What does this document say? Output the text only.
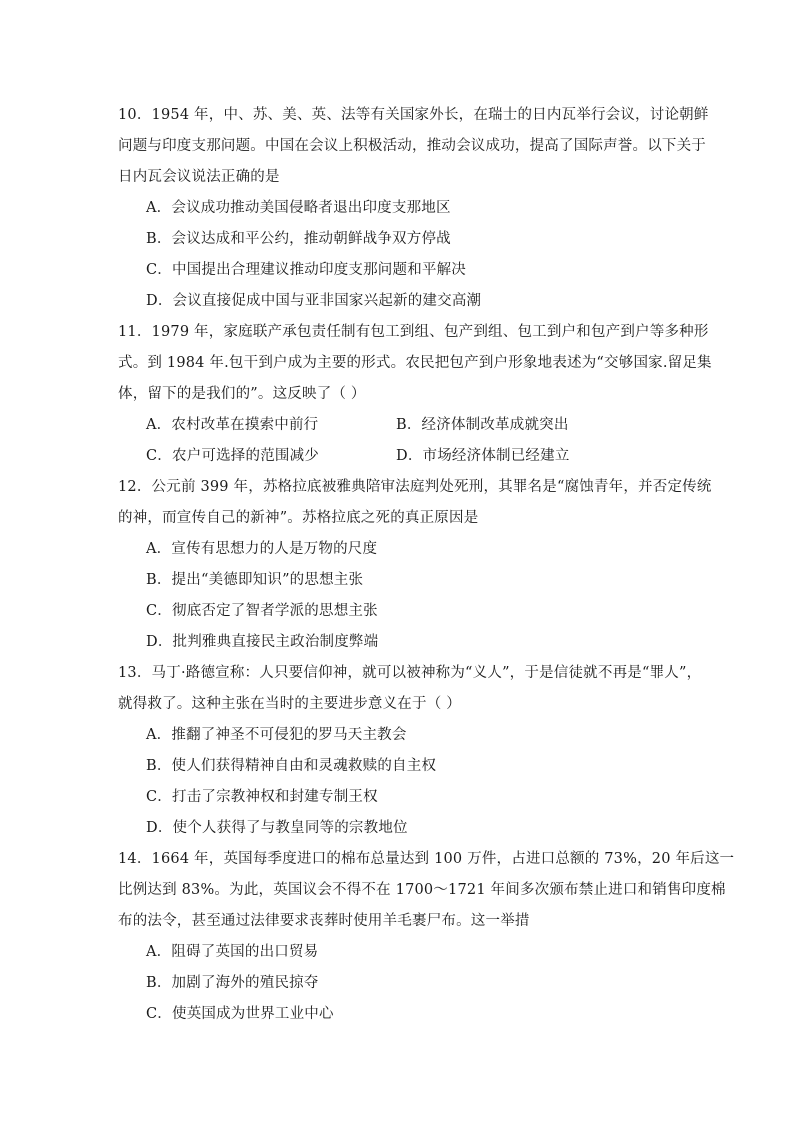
10．1954 年，中、苏、美、英、法等有关国家外长，在瑞士的日内瓦举行会议，讨论朝鲜
问题与印度支那问题。中国在会议上积极活动，推动会议成功，提高了国际声誉。以下关于
日内瓦会议说法正确的是
A．会议成功推动美国侵略者退出印度支那地区
B．会议达成和平公约，推动朝鲜战争双方停战
C．中国提出合理建议推动印度支那问题和平解决
D．会议直接促成中国与亚非国家兴起新的建交高潮
11．1979 年，家庭联产承包责任制有包工到组、包产到组、包工到户和包产到户等多种形
式。到 1984 年.包干到户成为主要的形式。农民把包产到户形象地表述为“交够国家.留足集
体，留下的是我们的”。这反映了（ ）
A．农村改革在摸索中前行	B．经济体制改革成就突出
C．农户可选择的范围减少	D．市场经济体制已经建立
12．公元前 399 年，苏格拉底被雅典陪审法庭判处死刑，其罪名是“腐蚀青年，并否定传统
的神，而宣传自己的新神”。苏格拉底之死的真正原因是
A．宣传有思想力的人是万物的尺度
B．提出“美德即知识”的思想主张
C．彻底否定了智者学派的思想主张
D．批判雅典直接民主政治制度弊端
13．马丁·路德宣称：人只要信仰神，就可以被神称为“义人”，于是信徒就不再是“罪人”，
就得救了。这种主张在当时的主要进步意义在于（ ）
A．推翻了神圣不可侵犯的罗马天主教会
B．使人们获得精神自由和灵魂救赎的自主权
C．打击了宗教神权和封建专制王权
D．使个人获得了与教皇同等的宗教地位
14．1664 年，英国每季度进口的棉布总量达到 100 万件，占进口总额的 73%，20 年后这一
比例达到 83%。为此，英国议会不得不在 1700～1721 年间多次颁布禁止进口和销售印度棉
布的法令，甚至通过法律要求丧葬时使用羊毛裹尸布。这一举措
A．阻碍了英国的出口贸易
B．加剧了海外的殖民掠夺
C．使英国成为世界工业中心
